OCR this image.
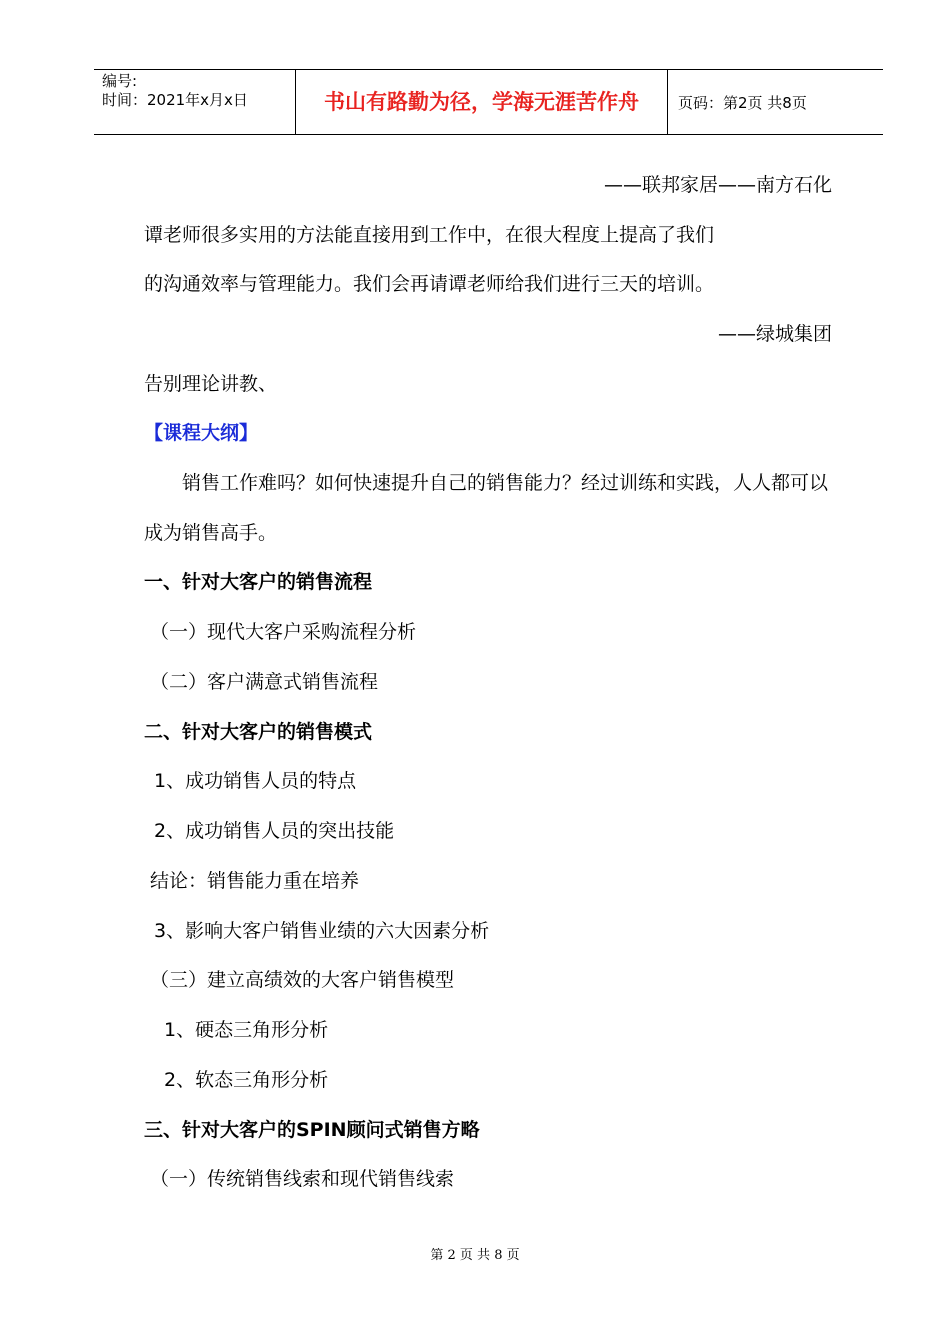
编号:
时间：2021年x月x日	书山有路勤为径，学海无涯苦作舟	页码：第2页 共8页
——联邦家居——南方石化
谭老师很多实用的方法能直接用到工作中，在很大程度上提高了我们
的沟通效率与管理能力。我们会再请谭老师给我们进行三天的培训。
——绿城集团
告别理论讲教、
【课程大纲】
销售工作难吗？如何快速提升自己的销售能力？经过训练和实践，人人都可以
成为销售高手。
一、针对大客户的销售流程
（一）现代大客户采购流程分析
（二）客户满意式销售流程
二、针对大客户的销售模式
1、成功销售人员的特点
2、成功销售人员的突出技能
结论：销售能力重在培养
3、影响大客户销售业绩的六大因素分析
（三）建立高绩效的大客户销售模型
1、硬态三角形分析
2、软态三角形分析
三、针对大客户的SPIN顾问式销售方略
（一）传统销售线索和现代销售线索
第 2 页 共 8 页
